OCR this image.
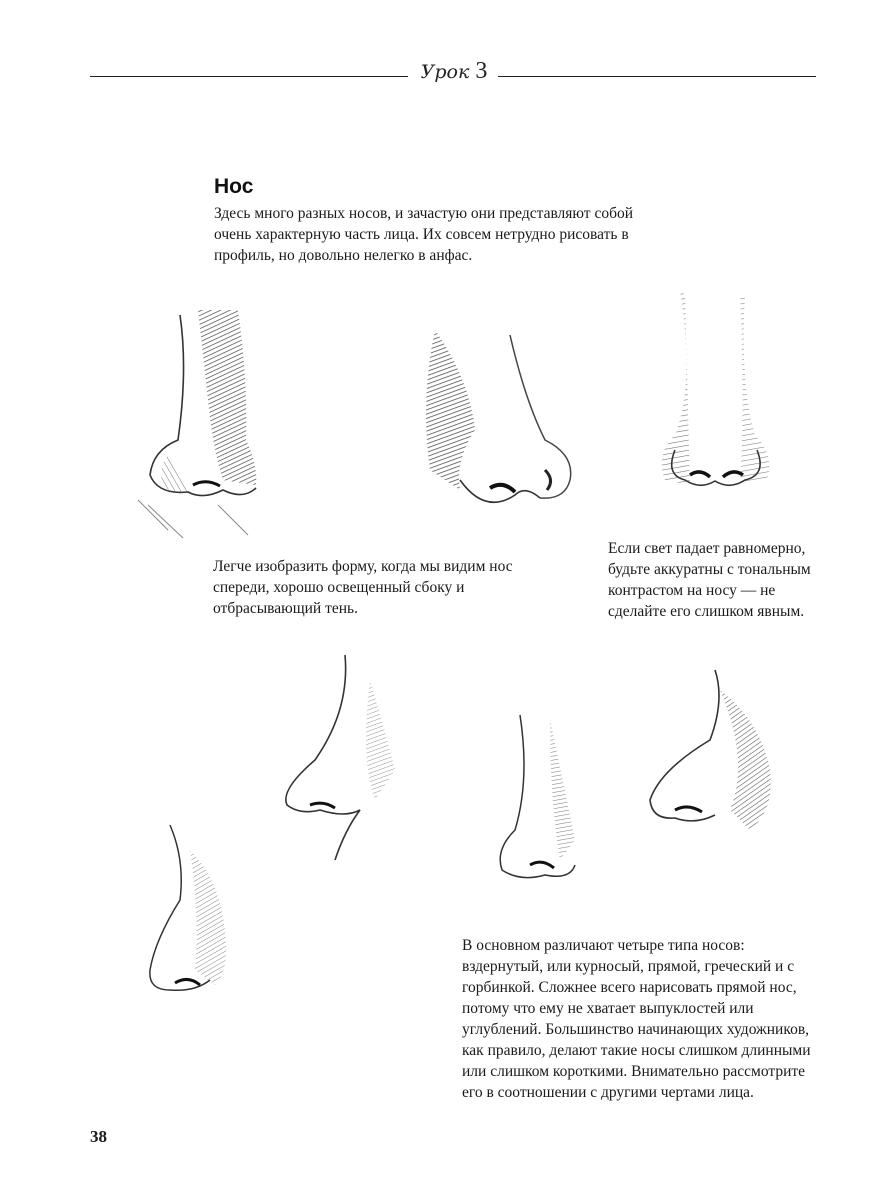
Урок 3
Нос
Здесь много разных носов, и зачастую они представляют собой очень характерную часть лица. Их совсем нетрудно рисовать в профиль, но довольно нелегко в анфас.
Легче изобразить форму, когда мы видим нос спереди, хорошо освещенный сбоку и отбрасывающий тень.
Если свет падает равномерно, будьте аккуратны с тональным контрастом на носу — не сделайте его слишком явным.
В основном различают четыре типа носов: вздернутый, или курносый, прямой, греческий и с горбинкой. Сложнее всего нарисовать прямой нос, потому что ему не хватает выпуклостей или углублений. Большинство начинающих художников, как правило, делают такие носы слишком длинными или слишком короткими. Внимательно рассмотрите его в соотношении с другими чертами лица.
38
